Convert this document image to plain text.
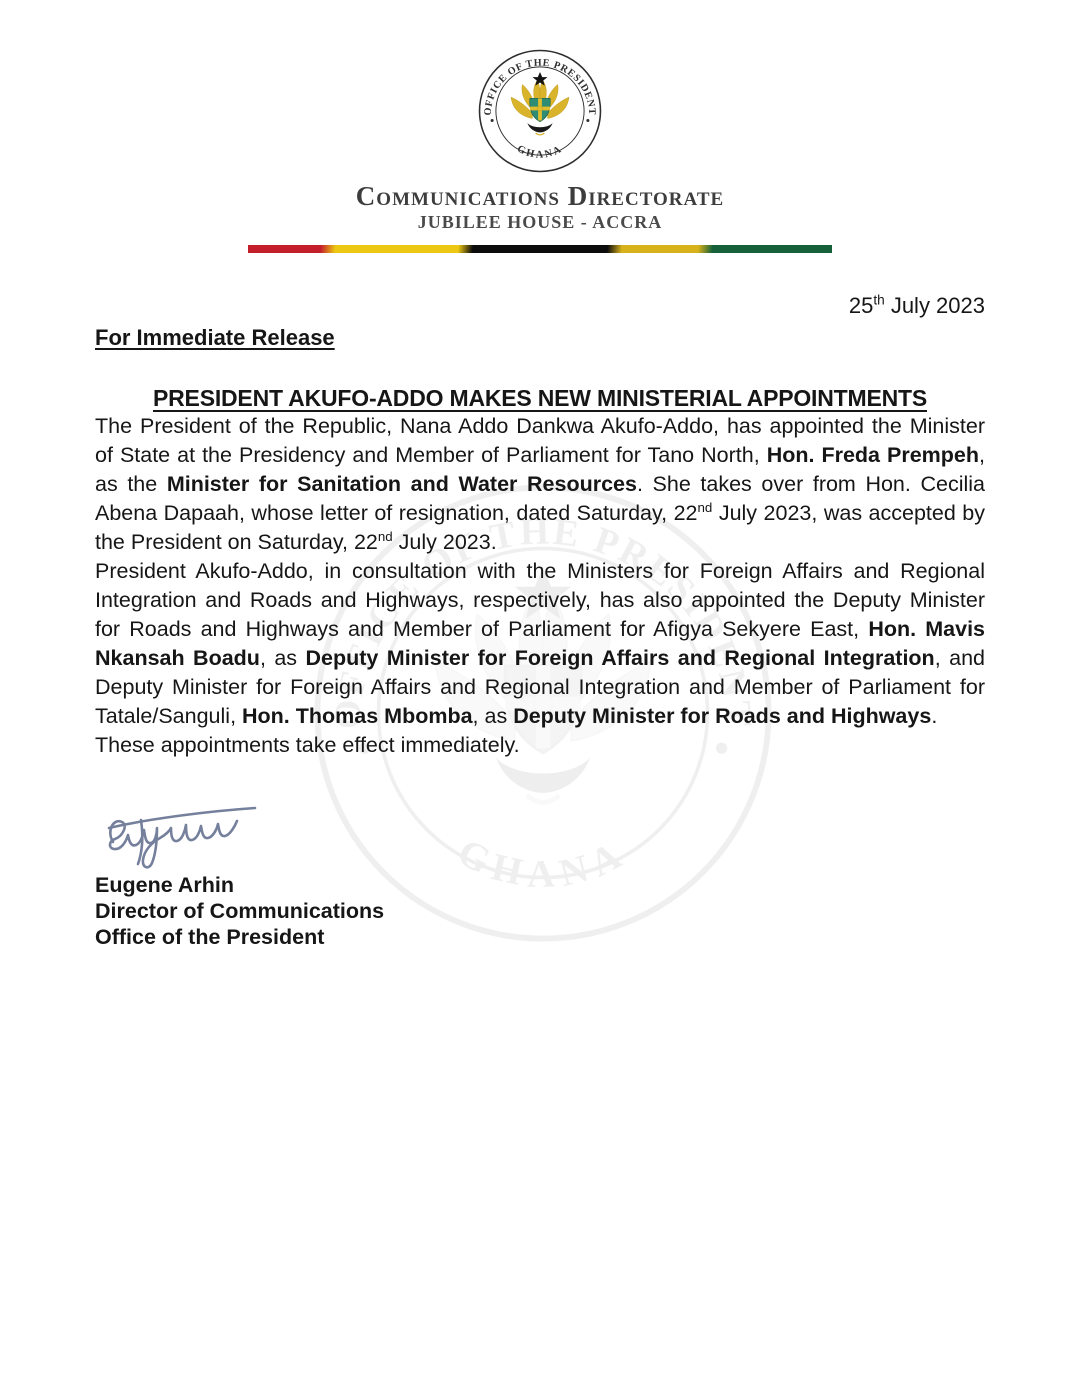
Communications Directorate
JUBILEE HOUSE - ACCRA
25th July 2023
For Immediate Release
PRESIDENT AKUFO-ADDO MAKES NEW MINISTERIAL APPOINTMENTS

The President of the Republic, Nana Addo Dankwa Akufo-Addo, has appointed the Minister of State at the Presidency and Member of Parliament for Tano North, Hon. Freda Prempeh, as the Minister for Sanitation and Water Resources. She takes over from Hon. Cecilia Abena Dapaah, whose letter of resignation, dated Saturday, 22nd July 2023, was accepted by the President on Saturday, 22nd July 2023.

President Akufo-Addo, in consultation with the Ministers for Foreign Affairs and Regional Integration and Roads and Highways, respectively, has also appointed the Deputy Minister for Roads and Highways and Member of Parliament for Afigya Sekyere East, Hon. Mavis Nkansah Boadu, as Deputy Minister for Foreign Affairs and Regional Integration, and Deputy Minister for Foreign Affairs and Regional Integration and Member of Parliament for Tatale/Sanguli, Hon. Thomas Mbomba, as Deputy Minister for Roads and Highways.

These appointments take effect immediately.

Eugene Arhin
Director of Communications
Office of the President
